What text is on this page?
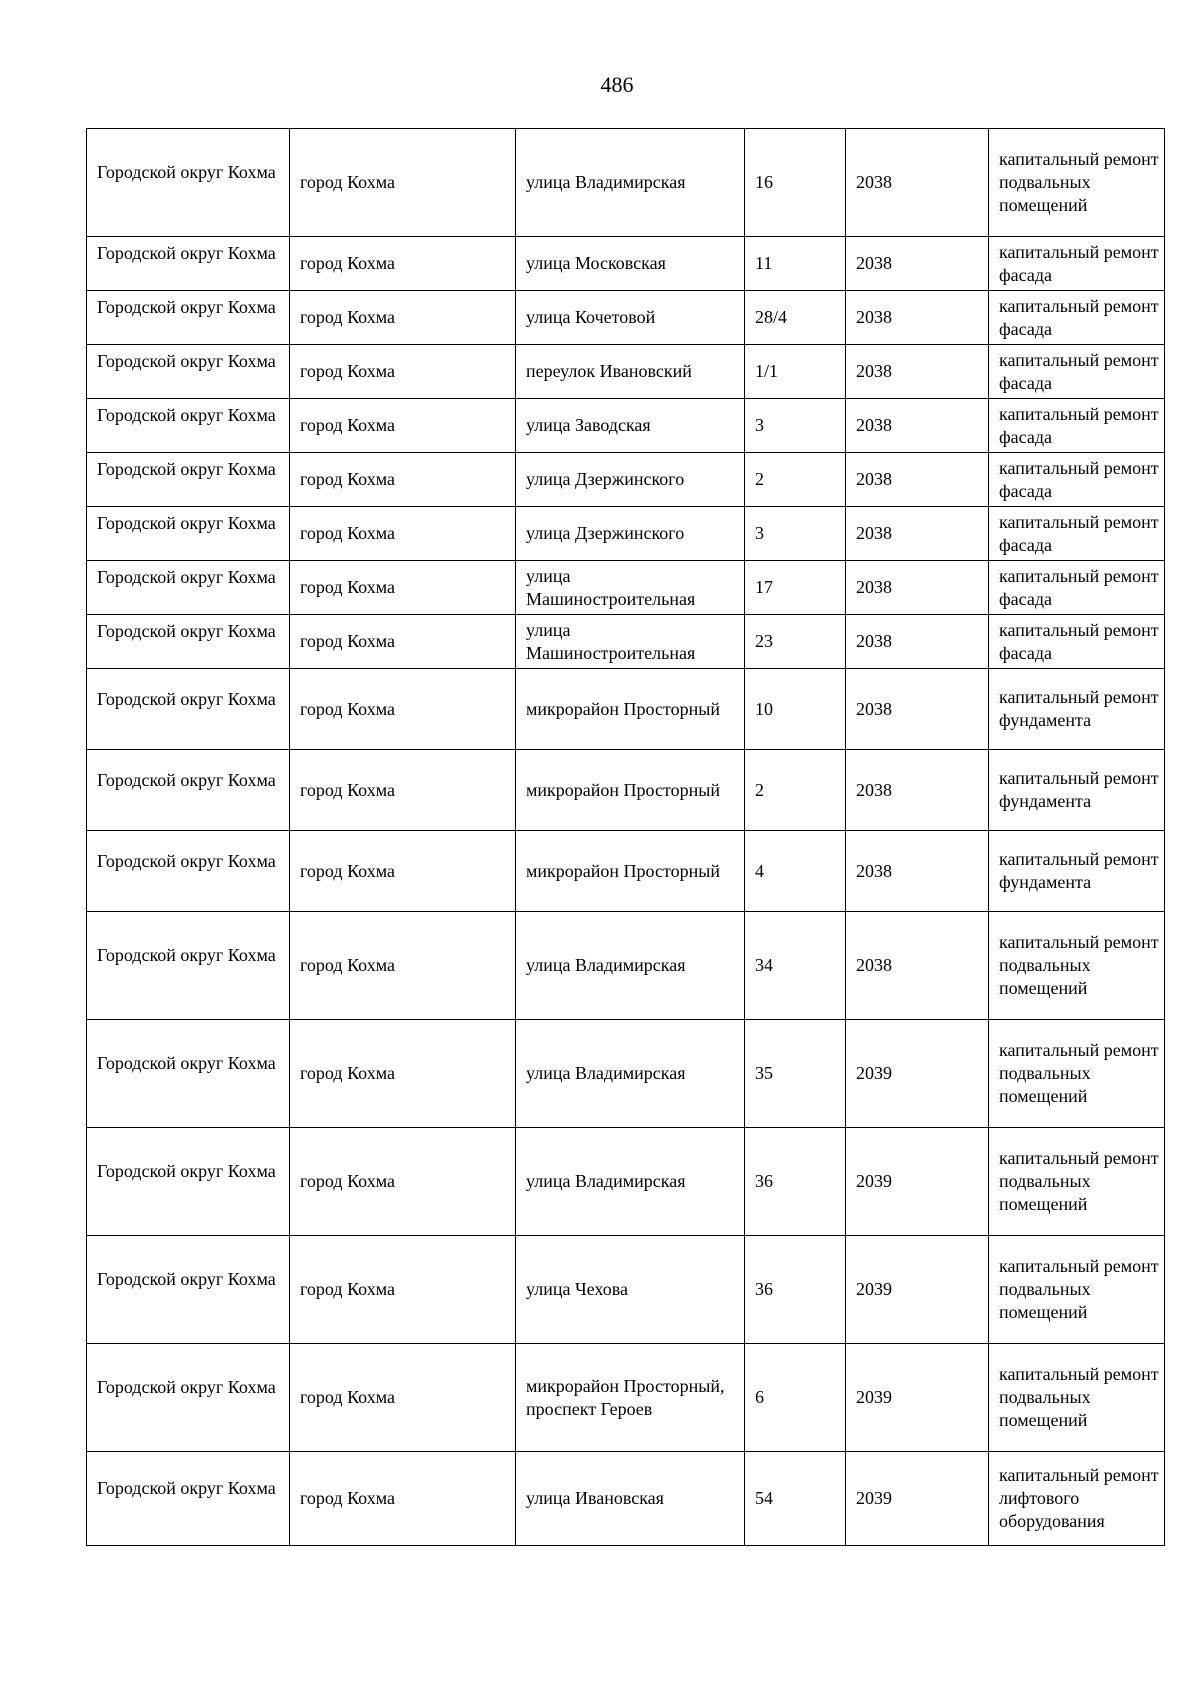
486
Городской округ Кохма	город Кохма	улица Владимирская	16	2038	капитальный ремонт подвальных помещений
Городской округ Кохма	город Кохма	улица Московская	11	2038	капитальный ремонт фасада
Городской округ Кохма	город Кохма	улица Кочетовой	28/4	2038	капитальный ремонт фасада
Городской округ Кохма	город Кохма	переулок Ивановский	1/1	2038	капитальный ремонт фасада
Городской округ Кохма	город Кохма	улица Заводская	3	2038	капитальный ремонт фасада
Городской округ Кохма	город Кохма	улица Дзержинского	2	2038	капитальный ремонт фасада
Городской округ Кохма	город Кохма	улица Дзержинского	3	2038	капитальный ремонт фасада
Городской округ Кохма	город Кохма	улица Машиностроительная	17	2038	капитальный ремонт фасада
Городской округ Кохма	город Кохма	улица Машиностроительная	23	2038	капитальный ремонт фасада
Городской округ Кохма	город Кохма	микрорайон Просторный	10	2038	капитальный ремонт фундамента
Городской округ Кохма	город Кохма	микрорайон Просторный	2	2038	капитальный ремонт фундамента
Городской округ Кохма	город Кохма	микрорайон Просторный	4	2038	капитальный ремонт фундамента
Городской округ Кохма	город Кохма	улица Владимирская	34	2038	капитальный ремонт подвальных помещений
Городской округ Кохма	город Кохма	улица Владимирская	35	2039	капитальный ремонт подвальных помещений
Городской округ Кохма	город Кохма	улица Владимирская	36	2039	капитальный ремонт подвальных помещений
Городской округ Кохма	город Кохма	улица Чехова	36	2039	капитальный ремонт подвальных помещений
Городской округ Кохма	город Кохма	микрорайон Просторный, проспект Героев	6	2039	капитальный ремонт подвальных помещений
Городской округ Кохма	город Кохма	улица Ивановская	54	2039	капитальный ремонт лифтового оборудования
